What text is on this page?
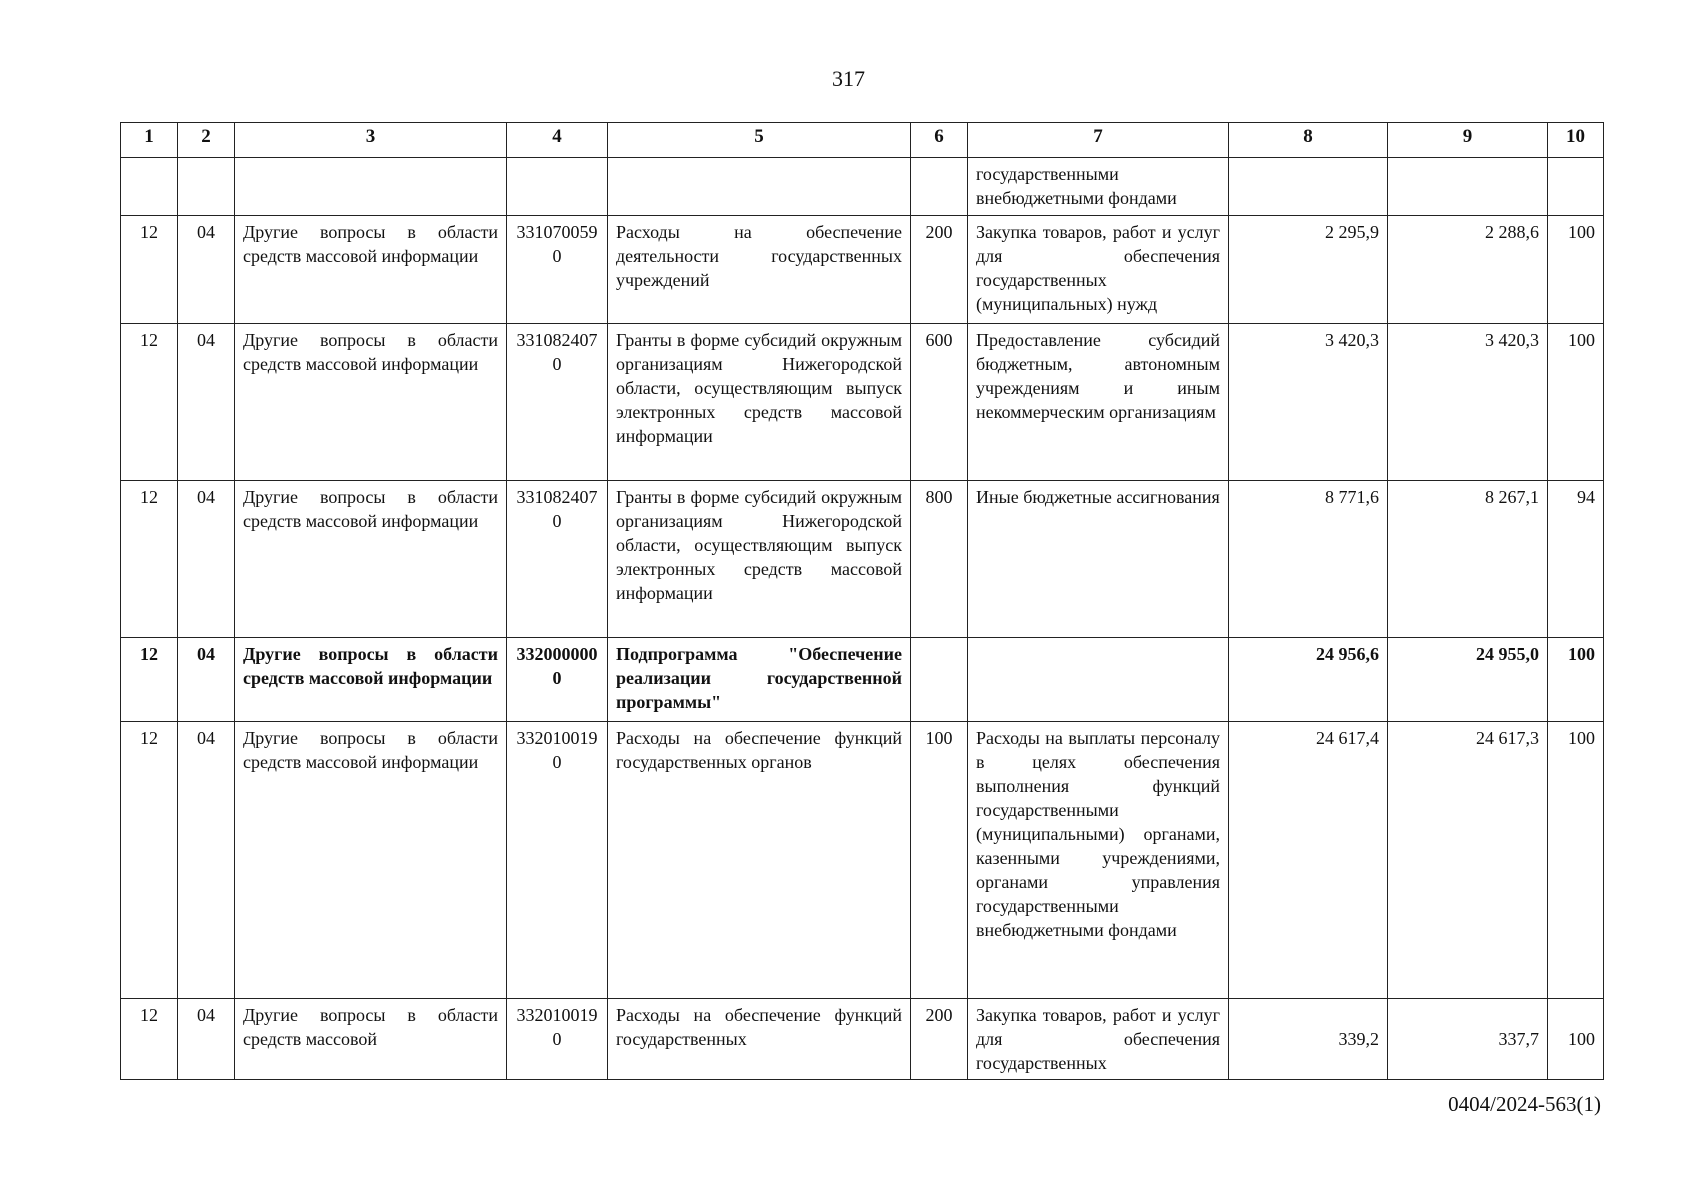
317
1	2	3	4	5	6	7	8	9	10
						государственными внебюджетными фондами			
12	04	Другие вопросы в области средств массовой информации	3310700590	Расходы на обеспечение деятельности государственных учреждений	200	Закупка товаров, работ и услуг для обеспечения государственных (муниципальных) нужд	2 295,9	2 288,6	100
12	04	Другие вопросы в области средств массовой информации	3310824070	Гранты в форме субсидий окружным организациям Нижегородской области, осуществляющим выпуск электронных средств массовой информации	600	Предоставление субсидий бюджетным, автономным учреждениям и иным некоммерческим организациям	3 420,3	3 420,3	100
12	04	Другие вопросы в области средств массовой информации	3310824070	Гранты в форме субсидий окружным организациям Нижегородской области, осуществляющим выпуск электронных средств массовой информации	800	Иные бюджетные ассигнования	8 771,6	8 267,1	94
12	04	Другие вопросы в области средств массовой информации	3320000000	Подпрограмма "Обеспечение реализации государственной программы"			24 956,6	24 955,0	100
12	04	Другие вопросы в области средств массовой информации	3320100190	Расходы на обеспечение функций государственных органов	100	Расходы на выплаты персоналу в целях обеспечения выполнения функций государственными (муниципальными) органами, казенными учреждениями, органами управления государственными внебюджетными фондами	24 617,4	24 617,3	100
12	04	Другие вопросы в области средств массовой	3320100190	Расходы на обеспечение функций государственных	200	Закупка товаров, работ и услуг для обеспечения государственных	339,2	337,7	100
0404/2024-563(1)
